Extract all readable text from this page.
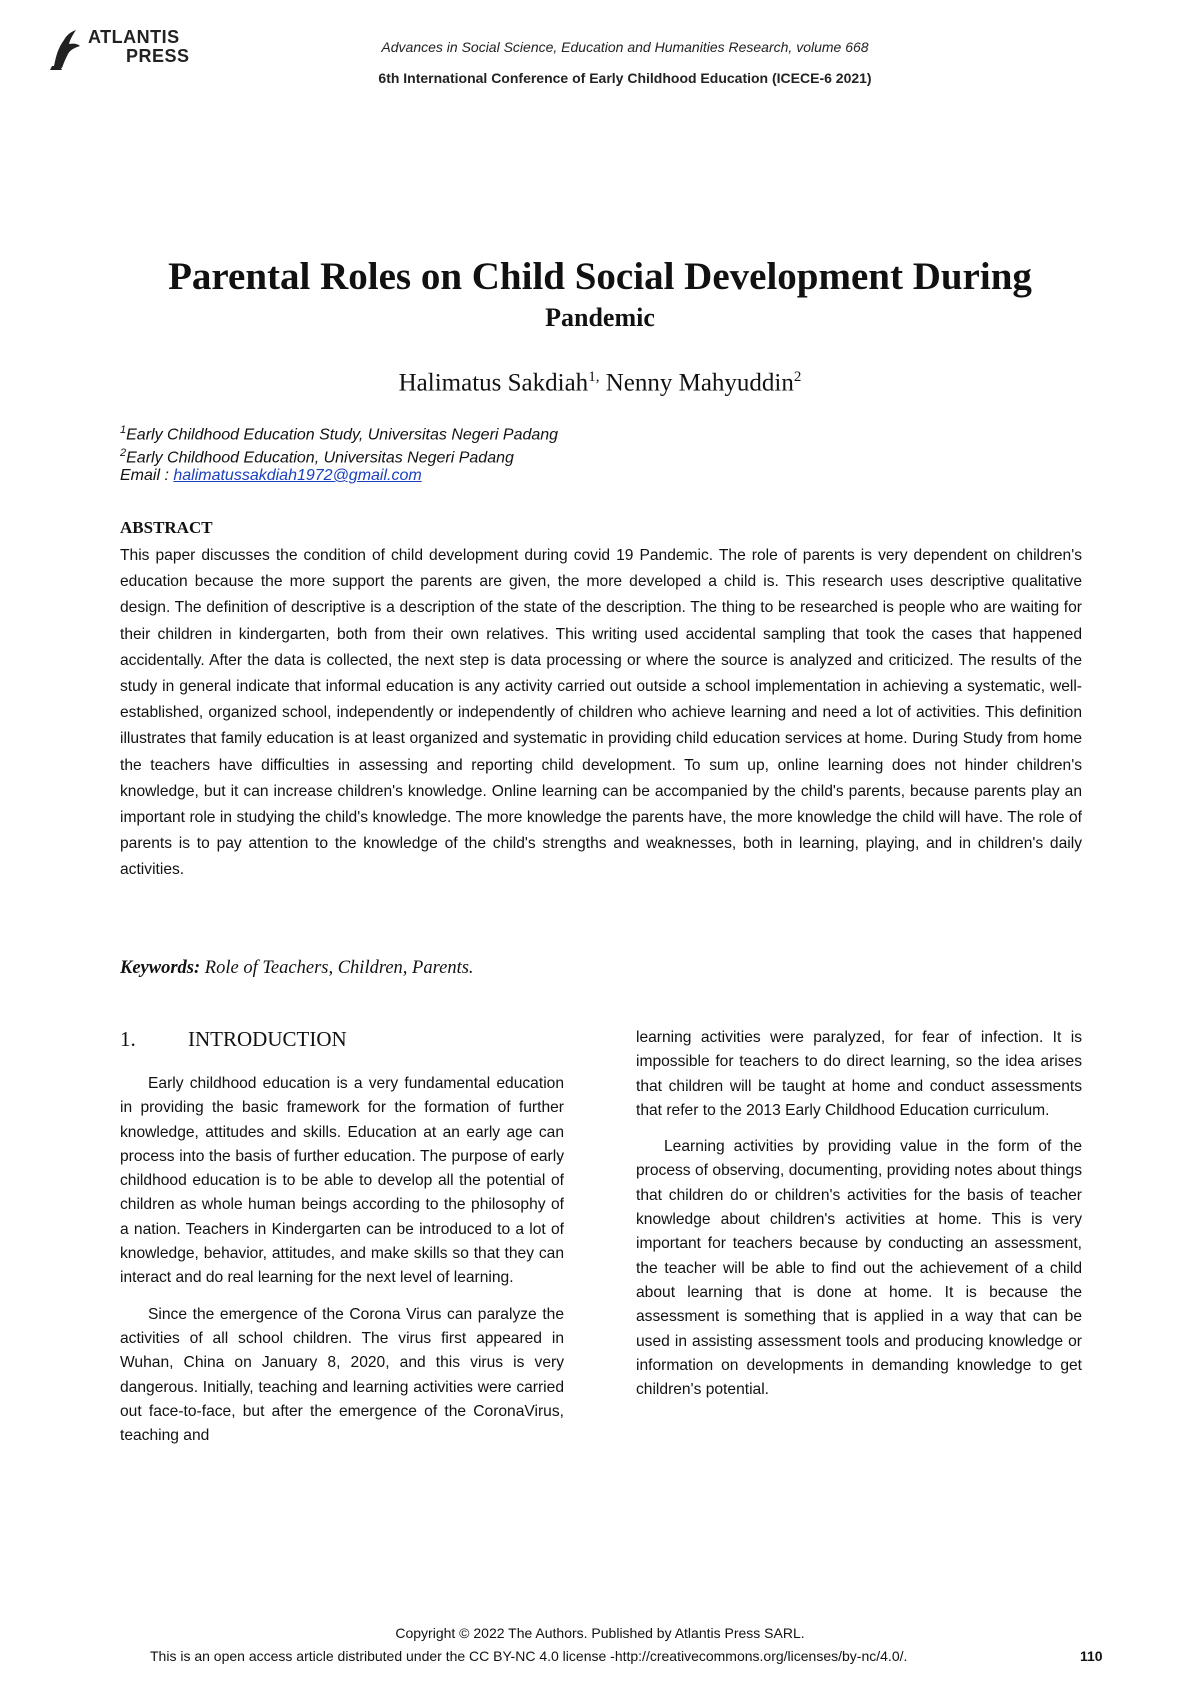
ATLANTIS
PRESS	Advances in Social Science, Education and Humanities Research, volume 668
6th International Conference of Early Childhood Education (ICECE-6 2021)
Parental Roles on Child Social Development During
Pandemic
Halimatus Sakdiah$^{1,}$ Nenny Mahyuddin$^2$
$^1$Early Childhood Education Study, Universitas Negeri Padang
$^2$Early Childhood Education, Universitas Negeri Padang
Email : halimatussakdiah1972@gmail.com
ABSTRACT
This paper discusses the condition of child development during covid 19 Pandemic. The role of parents is very dependent on children's education because the more support the parents are given, the more developed a child is. This research uses descriptive qualitative design. The definition of descriptive is a description of the state of the description. The thing to be researched is people who are waiting for their children in kindergarten, both from their own relatives. This writing used accidental sampling that took the cases that happened accidentally. After the data is collected, the next step is data processing or where the source is analyzed and criticized. The results of the study in general indicate that informal education is any activity carried out outside a school implementation in achieving a systematic, well-established, organized school, independently or independently of children who achieve learning and need a lot of activities. This definition illustrates that family education is at least organized and systematic in providing child education services at home. During Study from home the teachers have difficulties in assessing and reporting child development. To sum up, online learning does not hinder children's knowledge, but it can increase children's knowledge. Online learning can be accompanied by the child's parents, because parents play an important role in studying the child's knowledge. The more knowledge the parents have, the more knowledge the child will have. The role of parents is to pay attention to the knowledge of the child's strengths and weaknesses, both in learning, playing, and in children's daily activities.
Keywords: Role of Teachers, Children, Parents.
1. INTRODUCTION

Early childhood education is a very fundamental education in providing the basic framework for the formation of further knowledge, attitudes and skills. Education at an early age can process into the basis of further education. The purpose of early childhood education is to be able to develop all the potential of children as whole human beings according to the philosophy of a nation. Teachers in Kindergarten can be introduced to a lot of knowledge, behavior, attitudes, and make skills so that they can interact and do real learning for the next level of learning.

Since the emergence of the Corona Virus can paralyze the activities of all school children. The virus first appeared in Wuhan, China on January 8, 2020, and this virus is very dangerous. Initially, teaching and learning activities were carried out face-to-face, but after the emergence of the CoronaVirus, teaching and

learning activities were paralyzed, for fear of infection. It is impossible for teachers to do direct learning, so the idea arises that children will be taught at home and conduct assessments that refer to the 2013 Early Childhood Education curriculum.

Learning activities by providing value in the form of the process of observing, documenting, providing notes about things that children do or children's activities for the basis of teacher knowledge about children's activities at home. This is very important for teachers because by conducting an assessment, the teacher will be able to find out the achievement of a child about learning that is done at home. It is because the assessment is something that is applied in a way that can be used in assisting assessment tools and producing knowledge or information on developments in demanding knowledge to get children's potential.

Copyright © 2022 The Authors. Published by Atlantis Press SARL.
This is an open access article distributed under the CC BY-NC 4.0 license -http://creativecommons.org/licenses/by-nc/4.0/.	110
